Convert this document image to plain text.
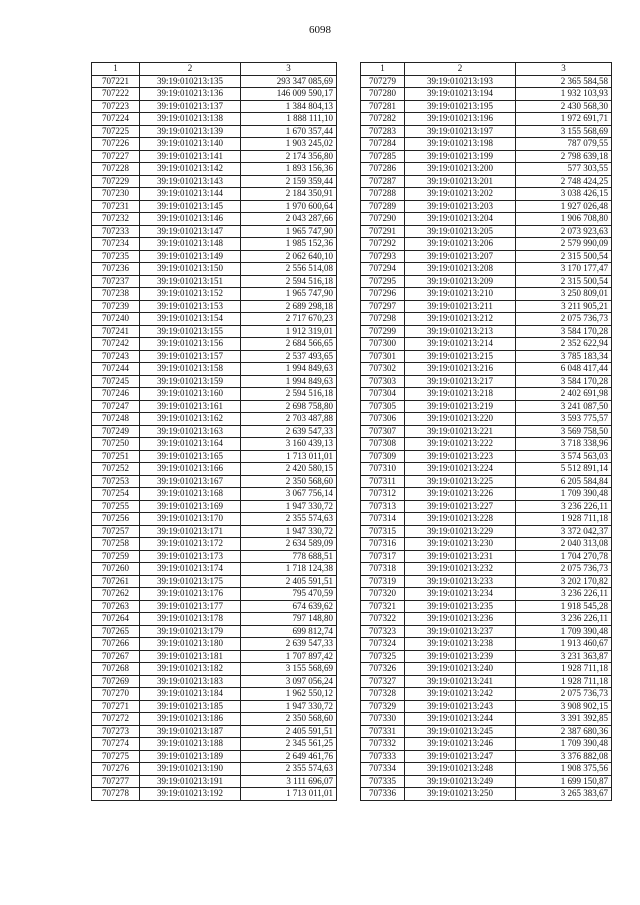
6098
1	2	3
707221	39:19:010213:135	293 347 085,69
707222	39:19:010213:136	146 009 590,17
707223	39:19:010213:137	1 384 804,13
707224	39:19:010213:138	1 888 111,10
707225	39:19:010213:139	1 670 357,44
707226	39:19:010213:140	1 903 245,02
707227	39:19:010213:141	2 174 356,80
707228	39:19:010213:142	1 893 156,36
707229	39:19:010213:143	2 159 359,44
707230	39:19:010213:144	2 184 350,91
707231	39:19:010213:145	1 970 600,64
707232	39:19:010213:146	2 043 287,66
707233	39:19:010213:147	1 965 747,90
707234	39:19:010213:148	1 985 152,36
707235	39:19:010213:149	2 062 640,10
707236	39:19:010213:150	2 556 514,08
707237	39:19:010213:151	2 594 516,18
707238	39:19:010213:152	1 965 747,90
707239	39:19:010213:153	2 689 298,18
707240	39:19:010213:154	2 717 670,23
707241	39:19:010213:155	1 912 319,01
707242	39:19:010213:156	2 684 566,65
707243	39:19:010213:157	2 537 493,65
707244	39:19:010213:158	1 994 849,63
707245	39:19:010213:159	1 994 849,63
707246	39:19:010213:160	2 594 516,18
707247	39:19:010213:161	2 698 758,80
707248	39:19:010213:162	2 703 487,88
707249	39:19:010213:163	2 639 547,33
707250	39:19:010213:164	3 160 439,13
707251	39:19:010213:165	1 713 011,01
707252	39:19:010213:166	2 420 580,15
707253	39:19:010213:167	2 350 568,60
707254	39:19:010213:168	3 067 756,14
707255	39:19:010213:169	1 947 330,72
707256	39:19:010213:170	2 355 574,63
707257	39:19:010213:171	1 947 330,72
707258	39:19:010213:172	2 634 589,09
707259	39:19:010213:173	778 688,51
707260	39:19:010213:174	1 718 124,38
707261	39:19:010213:175	2 405 591,51
707262	39:19:010213:176	795 470,59
707263	39:19:010213:177	674 639,62
707264	39:19:010213:178	797 148,80
707265	39:19:010213:179	699 812,74
707266	39:19:010213:180	2 639 547,33
707267	39:19:010213:181	1 707 897,42
707268	39:19:010213:182	3 155 568,69
707269	39:19:010213:183	3 097 056,24
707270	39:19:010213:184	1 962 550,12
707271	39:19:010213:185	1 947 330,72
707272	39:19:010213:186	2 350 568,60
707273	39:19:010213:187	2 405 591,51
707274	39:19:010213:188	2 345 561,25
707275	39:19:010213:189	2 649 461,76
707276	39:19:010213:190	2 355 574,63
707277	39:19:010213:191	3 111 696,07
707278	39:19:010213:192	1 713 011,01
1	2	3
707279	39:19:010213:193	2 365 584,58
707280	39:19:010213:194	1 932 103,93
707281	39:19:010213:195	2 430 568,30
707282	39:19:010213:196	1 972 691,71
707283	39:19:010213:197	3 155 568,69
707284	39:19:010213:198	787 079,55
707285	39:19:010213:199	2 798 639,18
707286	39:19:010213:200	577 303,55
707287	39:19:010213:201	2 748 424,25
707288	39:19:010213:202	3 038 426,15
707289	39:19:010213:203	1 927 026,48
707290	39:19:010213:204	1 906 708,80
707291	39:19:010213:205	2 073 923,63
707292	39:19:010213:206	2 579 990,09
707293	39:19:010213:207	2 315 500,54
707294	39:19:010213:208	3 170 177,47
707295	39:19:010213:209	2 315 500,54
707296	39:19:010213:210	3 250 809,01
707297	39:19:010213:211	3 211 905,21
707298	39:19:010213:212	2 075 736,73
707299	39:19:010213:213	3 584 170,28
707300	39:19:010213:214	2 352 622,94
707301	39:19:010213:215	3 785 183,34
707302	39:19:010213:216	6 048 417,44
707303	39:19:010213:217	3 584 170,28
707304	39:19:010213:218	2 402 691,98
707305	39:19:010213:219	3 241 087,50
707306	39:19:010213:220	3 593 775,57
707307	39:19:010213:221	3 569 758,50
707308	39:19:010213:222	3 718 338,96
707309	39:19:010213:223	3 574 563,03
707310	39:19:010213:224	5 512 891,14
707311	39:19:010213:225	6 205 584,84
707312	39:19:010213:226	1 709 390,48
707313	39:19:010213:227	3 236 226,11
707314	39:19:010213:228	1 928 711,18
707315	39:19:010213:229	3 372 042,37
707316	39:19:010213:230	2 040 313,08
707317	39:19:010213:231	1 704 270,78
707318	39:19:010213:232	2 075 736,73
707319	39:19:010213:233	3 202 170,82
707320	39:19:010213:234	3 236 226,11
707321	39:19:010213:235	1 918 545,28
707322	39:19:010213:236	3 236 226,11
707323	39:19:010213:237	1 709 390,48
707324	39:19:010213:238	1 913 460,67
707325	39:19:010213:239	3 231 363,87
707326	39:19:010213:240	1 928 711,18
707327	39:19:010213:241	1 928 711,18
707328	39:19:010213:242	2 075 736,73
707329	39:19:010213:243	3 908 902,15
707330	39:19:010213:244	3 391 392,85
707331	39:19:010213:245	2 387 680,36
707332	39:19:010213:246	1 709 390,48
707333	39:19:010213:247	3 376 882,08
707334	39:19:010213:248	1 908 375,56
707335	39:19:010213:249	1 699 150,87
707336	39:19:010213:250	3 265 383,67
